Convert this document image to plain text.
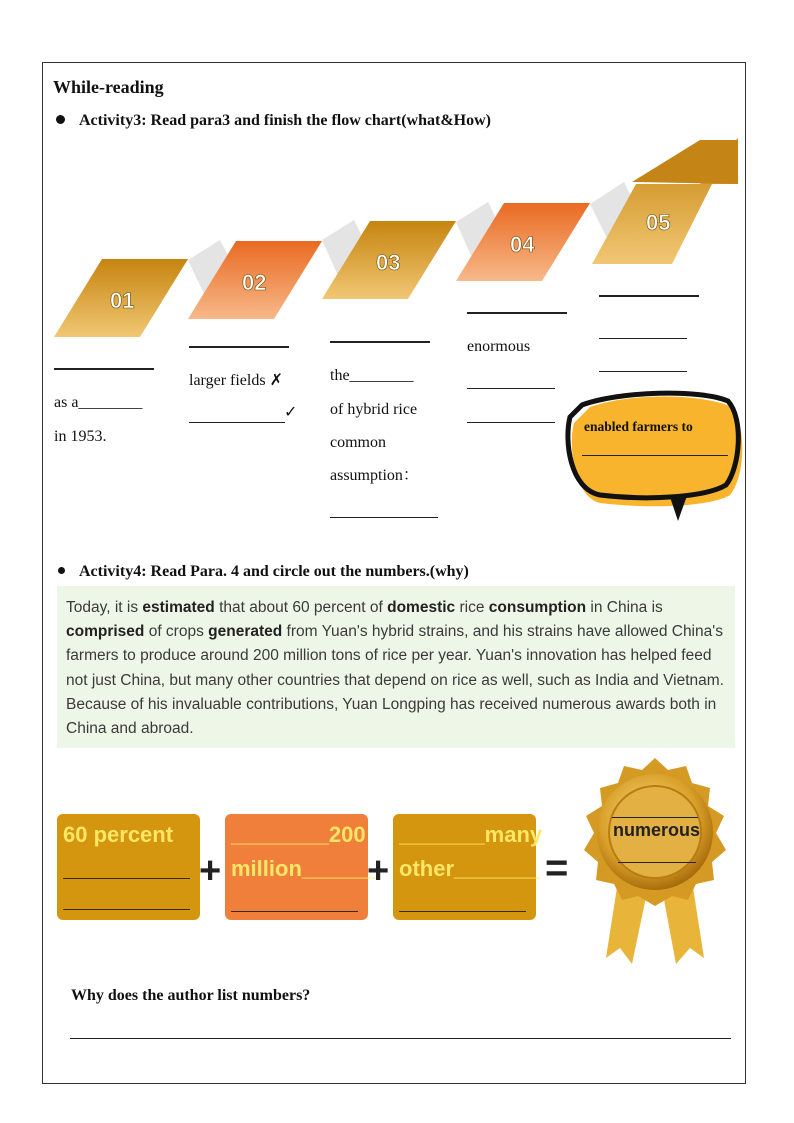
While-reading
Activity3: Read para3 and finish the flow chart(what&How)
01
02
03
04
05
as a________
in 1953.
larger fields ✗
✓
the________
of hybrid rice
common
assumption：
enormous
enabled farmers to
Activity4: Read Para. 4 and circle out the numbers.(why)
Today, it is estimated that about 60 percent of domestic rice consumption in China is comprised of crops generated from Yuan's hybrid strains, and his strains have allowed China's farmers to produce around 200 million tons of rice per year. Yuan's innovation has helped feed not just China, but many other countries that depend on rice as well, such as India and Vietnam. Because of his invaluable contributions, Yuan Longping has received numerous awards both in China and abroad.
60 percent
+
________200
million______
+
_______many
other_______ =
numerous
Why does the author list numbers?
